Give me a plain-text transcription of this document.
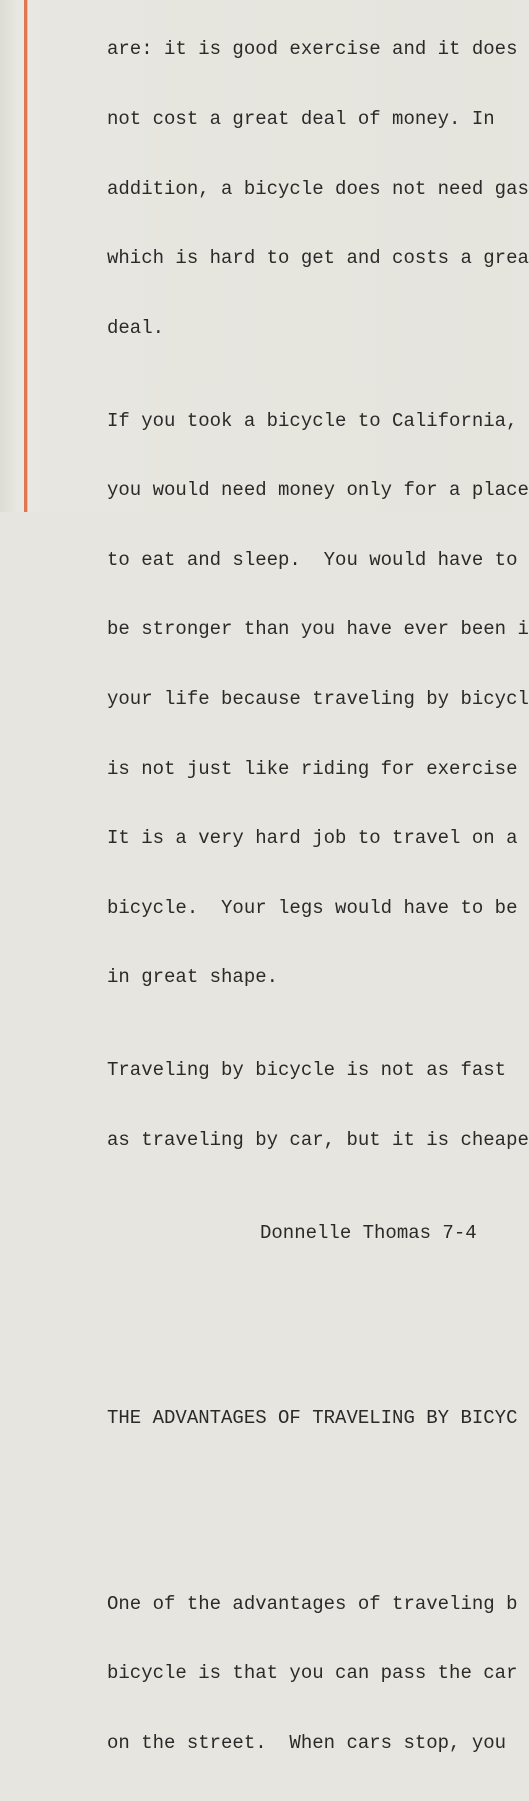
are: it is good exercise and it does

not cost a great deal of money. In

addition, a bicycle does not need gas

which is hard to get and costs a grea

deal.

If you took a bicycle to California,

you would need money only for a place

to eat and sleep.  You would have to

be stronger than you have ever been i

your life because traveling by bicycl

is not just like riding for exercise

It is a very hard job to travel on a

bicycle.  Your legs would have to be

in great shape.

Traveling by bicycle is not as fast

as traveling by car, but it is cheape

Donnelle Thomas 7-4

THE ADVANTAGES OF TRAVELING BY BICYC

One of the advantages of traveling b

bicycle is that you can pass the car

on the street.  When cars stop, you
